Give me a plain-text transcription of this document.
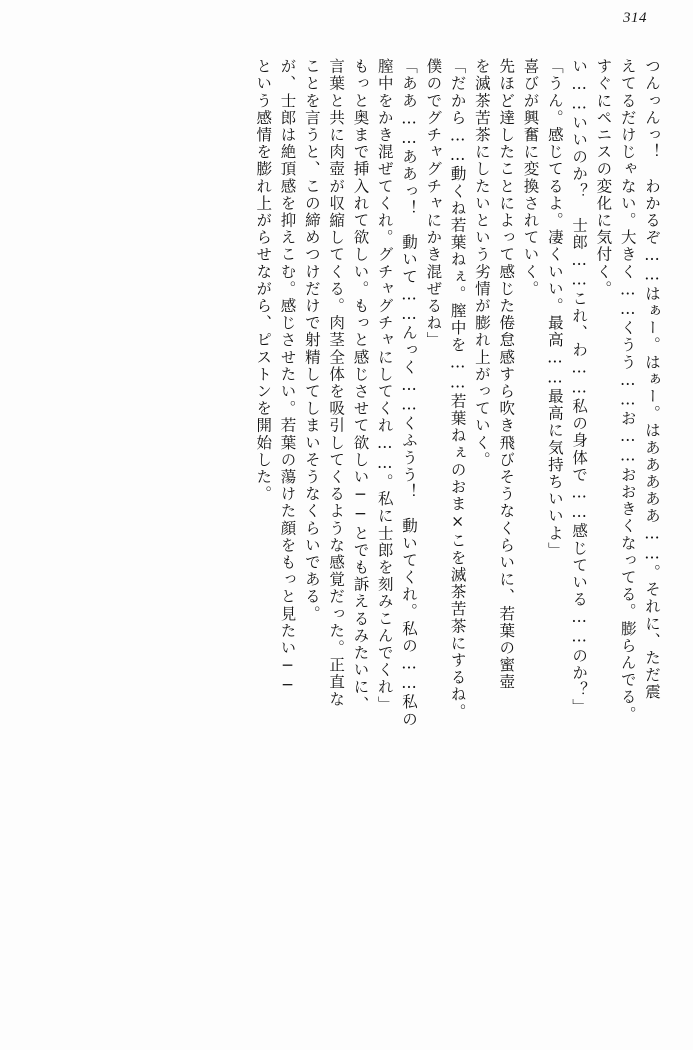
314
つんっんっ！　わかるぞ……はぁー。はぁー。はあああああ……。それに、ただ震
えてるだけじゃない。大きく……くうう……お……おおきくなってる。膨らんでる。
すぐにペニスの変化に気付く。
い……いいのか？　士郎……これ、わ……私の身体で……感じている……のか？」
「うん。感じてるよ。凄くいい。最高……最高に気持ちいいよ」
喜びが興奮に変換されていく。
先ほど達したことによって感じた倦怠感すら吹き飛びそうなくらいに、若葉の蜜壺
を滅茶苦茶にしたいという劣情が膨れ上がっていく。
「だから……動くね若葉ねぇ。膣中を……若葉ねぇのおま×こを滅茶苦茶にするね。
僕のでグチャグチャにかき混ぜるね」
「ああ……ああっ！　動いて……んっく……くふうう！　動いてくれ。私の……私の
膣中をかき混ぜてくれ。グチャグチャにしてくれ……。私に士郎を刻みこんでくれ」
もっと奥まで挿入れて欲しい。もっと感じさせて欲しい──とでも訴えるみたいに、
言葉と共に肉壺が収縮してくる。肉茎全体を吸引してくるような感覚だった。正直な
ことを言うと、この締めつけだけで射精してしまいそうなくらいである。
が、士郎は絶頂感を抑えこむ。感じさせたい。若葉の蕩けた顔をもっと見たい──
という感情を膨れ上がらせながら、ピストンを開始した。
